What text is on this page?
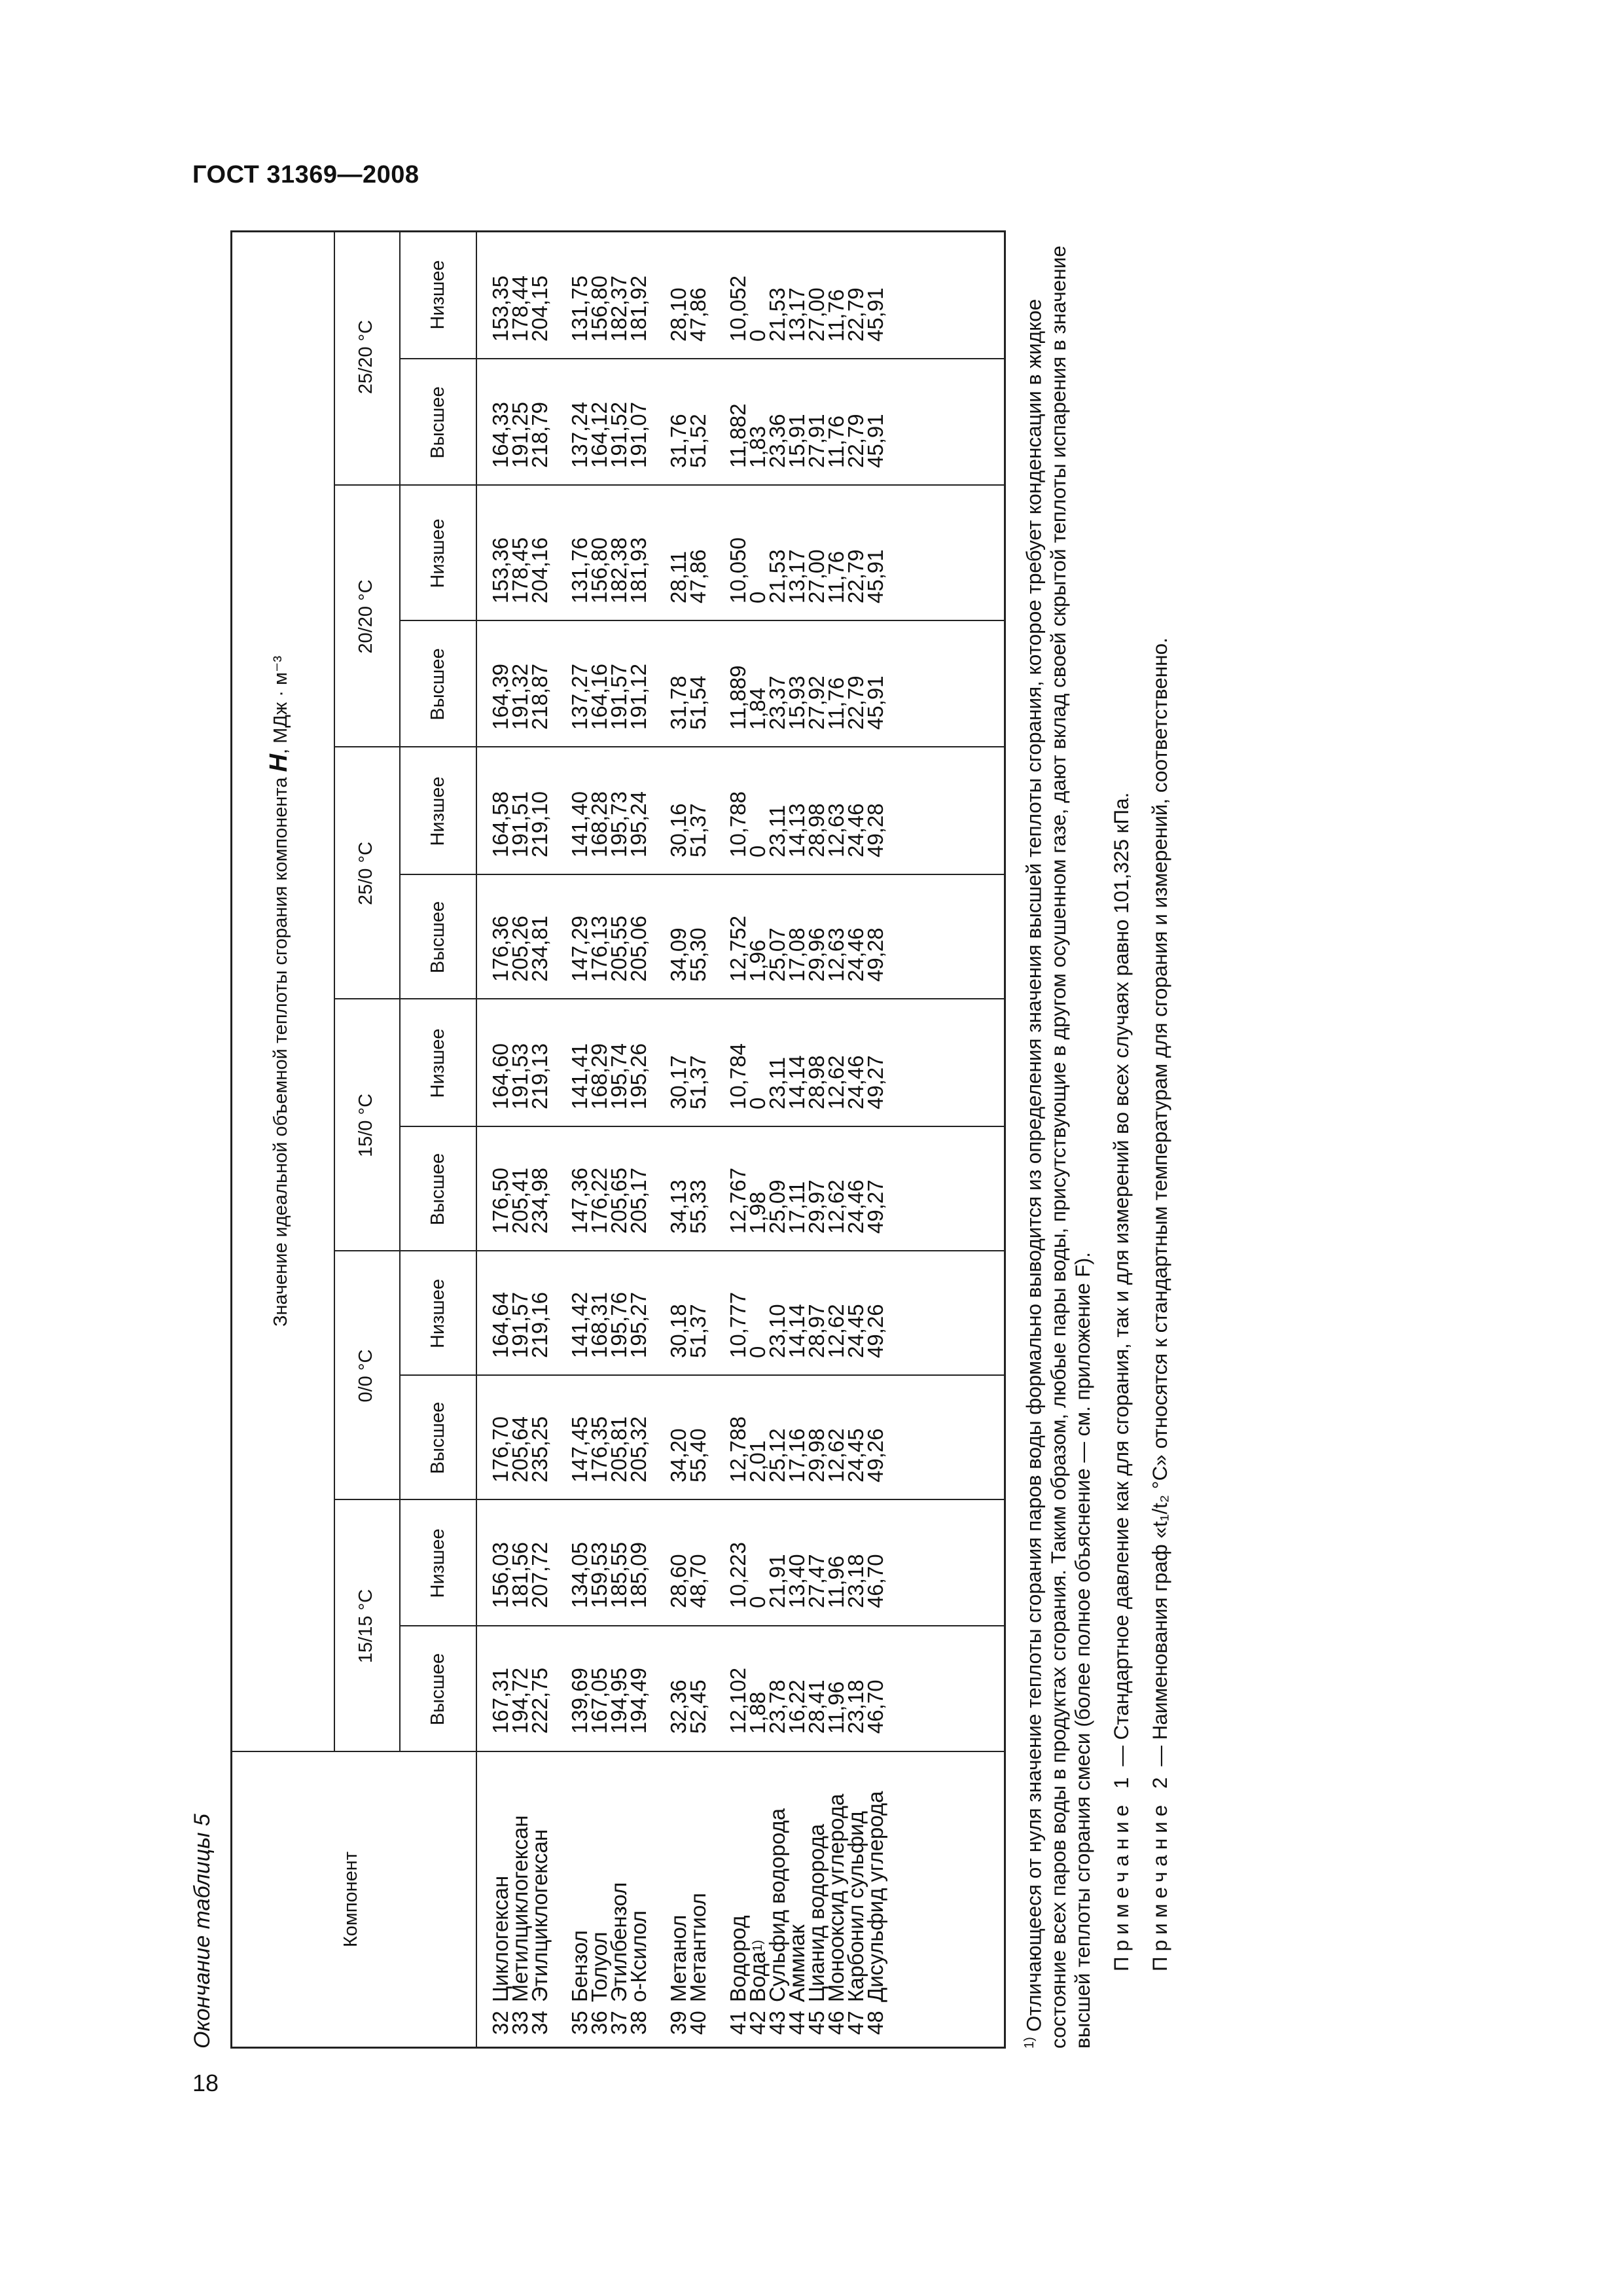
ГОСТ 31369—2008
18
Окончание таблицы 5	Компонент
Значение идеальной объемной теплоты сгорания компонента H, МДж · м⁻³
15/15 °C
0/0 °C
15/0 °C
25/0 °C
20/20 °C
25/20 °C
Высшее
Низшее
Высшее
Низшее
Высшее
Низшее
Высшее
Низшее
Высшее
Низшее
Высшее
Низшее
32
Циклогексан
33
Метилциклогексан
34
Этилциклогексан
35
Бензол
36
Толуол
37
Этилбензол
38
о-Ксилол
39
Метанол
40
Метантиол
41
Водород
42
Вода
1)
43
Сульфид водорода
44
Аммиак
45
Цианид водорода
46
Монооксид углерода
47
Карбонил сульфид
48
Дисульфид углерода
167,31
194,72
222,75 139,69
167,05
194,95
194,49 32,36
52,45 12,102
1,88
23,78
16,22
28,41
11,96
23,18
46,70
156,03
181,56
207,72 134,05
159,53
185,55
185,09 28,60
48,70 10,223
0
21,91
13,40
27,47
11,96
23,18
46,70
176,70
205,64
235,25 147,45
176,35
205,81
205,32 34,20
55,40 12,788
2,01
25,12
17,16
29,98
12,62
24,45
49,26
164,64
191,57
219,16 141,42
168,31
195,76
195,27 30,18
51,37 10,777
0
23,10
14,14
28,97
12,62
24,45
49,26
176,50
205,41
234,98 147,36
176,22
205,65
205,17 34,13
55,33 12,767
1,98
25,09
17,11
29,97
12,62
24,46
49,27
164,60
191,53
219,13 141,41
168,29
195,74
195,26 30,17
51,37 10,784
0
23,11
14,14
28,98
12,62
24,46
49,27
176,36
205,26
234,81 147,29
176,13
205,55
205,06 34,09
55,30 12,752
1,96
25,07
17,08
29,96
12,63
24,46
49,28
164,58
191,51
219,10 141,40
168,28
195,73
195,24 30,16
51,37 10,788
0
23,11
14,13
28,98
12,63
24,46
49,28
164,39
191,32
218,87 137,27
164,16
191,57
191,12 31,78
51,54 11,889
1,84
23,37
15,93
27,92
11,76
22,79
45,91
153,36
178,45
204,16 131,76
156,80
182,38
181,93 28,11
47,86 10,050
0
21,53
13,17
27,00
11,76
22,79
45,91
164,33
191,25
218,79 137,24
164,12
191,52
191,07 31,76
51,52 11,882
1,83
23,36
15,91
27,91
11,76
22,79
45,91
153,35
178,44
204,15 131,75
156,80
182,37
181,92 28,10
47,86 10,052
0
21,53
13,17
27,00
11,76
22,79
45,91

$^{1)}$Отличающееся от нуля значение теплоты сгорания паров воды формально выводится из определения значения высшей теплоты сгорания, которое требует конденсации в жидкое состояние всех паров воды в продуктах сгорания. Таким образом, любые пары воды, присутствующие в другом осушенном газе, дают вклад своей скрытой теплоты испарения в значение высшей теплоты сгорания смеси (более полное объяснение — см. приложение F). Примечание 1 — Стандартное давление как для сгорания, так и для измерений во всех случаях равно 101,325 кПа.

Примечание 2 — Наименования граф «t₁/t₂ °С» относятся к стандартным температурам для сгорания и измерений, соответственно.
